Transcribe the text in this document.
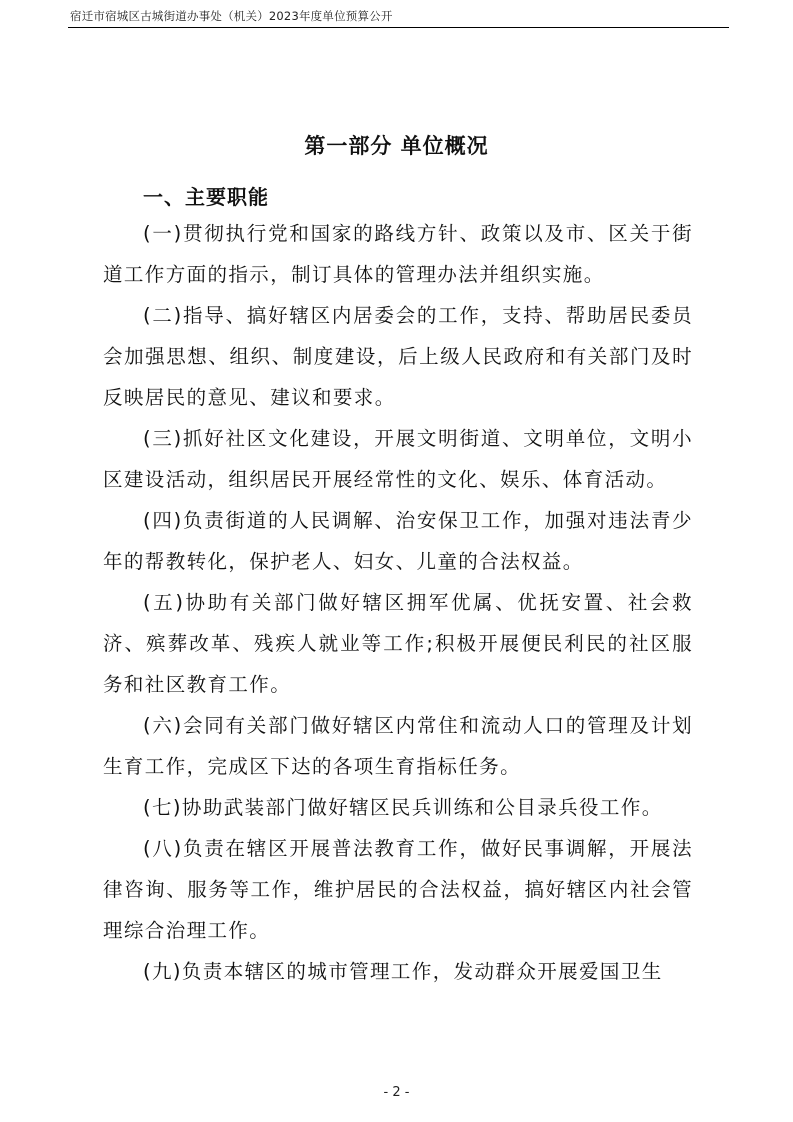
宿迁市宿城区古城街道办事处（机关）2023年度单位预算公开
第一部分 单位概况
一、主要职能

(一)贯彻执行党和国家的路线方针、政策以及市、区关于街道工作方面的指示，制订具体的管理办法并组织实施。

(二)指导、搞好辖区内居委会的工作，支持、帮助居民委员会加强思想、组织、制度建设，后上级人民政府和有关部门及时反映居民的意见、建议和要求。

(三)抓好社区文化建设，开展文明街道、文明单位，文明小区建设活动，组织居民开展经常性的文化、娱乐、体育活动。

(四)负责街道的人民调解、治安保卫工作，加强对违法青少年的帮教转化，保护老人、妇女、儿童的合法权益。

(五)协助有关部门做好辖区拥军优属、优抚安置、社会救济、殡葬改革、残疾人就业等工作;积极开展便民利民的社区服务和社区教育工作。

(六)会同有关部门做好辖区内常住和流动人口的管理及计划生育工作，完成区下达的各项生育指标任务。

(七)协助武装部门做好辖区民兵训练和公目录兵役工作。

(八)负责在辖区开展普法教育工作，做好民事调解，开展法律咨询、服务等工作，维护居民的合法权益，搞好辖区内社会管理综合治理工作。

(九)负责本辖区的城市管理工作，发动群众开展爱国卫生

- 2 -
